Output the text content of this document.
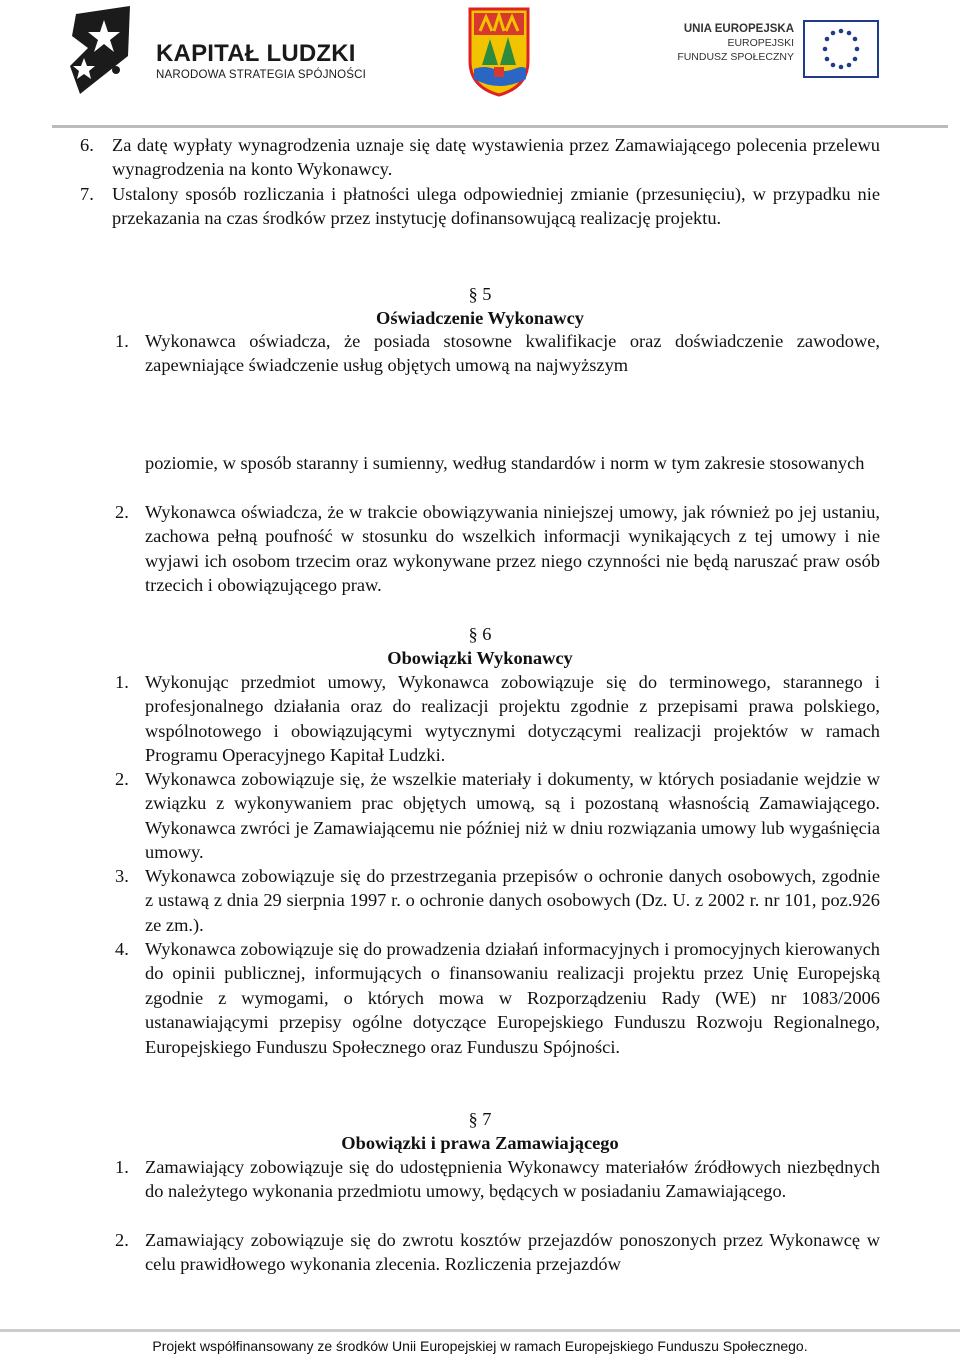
KAPITAŁ LUDZKI
NARODOWA STRATEGIA SPÓJNOŚCI
UNIA EUROPEJSKA
EUROPEJSKI
FUNDUSZ SPOŁECZNY
6. Za datę wypłaty wynagrodzenia uznaje się datę wystawienia przez Zamawiającego polecenia przelewu wynagrodzenia na konto Wykonawcy.
7. Ustalony sposób rozliczania i płatności ulega odpowiedniej zmianie (przesunięciu), w przypadku nie przekazania na czas środków przez instytucję dofinansowującą realizację projektu.
§ 5
Oświadczenie Wykonawcy
1. Wykonawca oświadcza, że posiada stosowne kwalifikacje oraz doświadczenie zawodowe, zapewniające świadczenie usług objętych umową na najwyższym
poziomie, w sposób staranny i sumienny, według standardów i norm w tym zakresie stosowanych
2. Wykonawca oświadcza, że w trakcie obowiązywania niniejszej umowy, jak również po jej ustaniu, zachowa pełną poufność w stosunku do wszelkich informacji wynikających z tej umowy i nie wyjawi ich osobom trzecim oraz wykonywane przez niego czynności nie będą naruszać praw osób trzecich i obowiązującego praw.
§ 6
Obowiązki Wykonawcy
1. Wykonując przedmiot umowy, Wykonawca zobowiązuje się do terminowego, starannego i profesjonalnego działania oraz do realizacji projektu zgodnie z przepisami prawa polskiego, wspólnotowego i obowiązującymi wytycznymi dotyczącymi realizacji projektów w ramach Programu Operacyjnego Kapitał Ludzki.
2. Wykonawca zobowiązuje się, że wszelkie materiały i dokumenty, w których posiadanie wejdzie w związku z wykonywaniem prac objętych umową, są i pozostaną własnością Zamawiającego. Wykonawca zwróci je Zamawiającemu nie później niż w dniu rozwiązania umowy lub wygaśnięcia umowy.
3. Wykonawca zobowiązuje się do przestrzegania przepisów o ochronie danych osobowych, zgodnie z ustawą z dnia 29 sierpnia 1997 r. o ochronie danych osobowych (Dz. U. z 2002 r. nr 101, poz.926 ze zm.).
4. Wykonawca zobowiązuje się do prowadzenia działań informacyjnych i promocyjnych kierowanych do opinii publicznej, informujących o finansowaniu realizacji projektu przez Unię Europejską zgodnie z wymogami, o których mowa w Rozporządzeniu Rady (WE) nr 1083/2006 ustanawiającymi przepisy ogólne dotyczące Europejskiego Funduszu Rozwoju Regionalnego, Europejskiego Funduszu Społecznego oraz Funduszu Spójności.
§ 7
Obowiązki i prawa Zamawiającego
1. Zamawiający zobowiązuje się do udostępnienia Wykonawcy materiałów źródłowych niezbędnych do należytego wykonania przedmiotu umowy, będących w posiadaniu Zamawiającego.
2. Zamawiający zobowiązuje się do zwrotu kosztów przejazdów ponoszonych przez Wykonawcę w celu prawidłowego wykonania zlecenia. Rozliczenia przejazdów
Projekt współfinansowany ze środków Unii Europejskiej w ramach Europejskiego Funduszu Społecznego.
